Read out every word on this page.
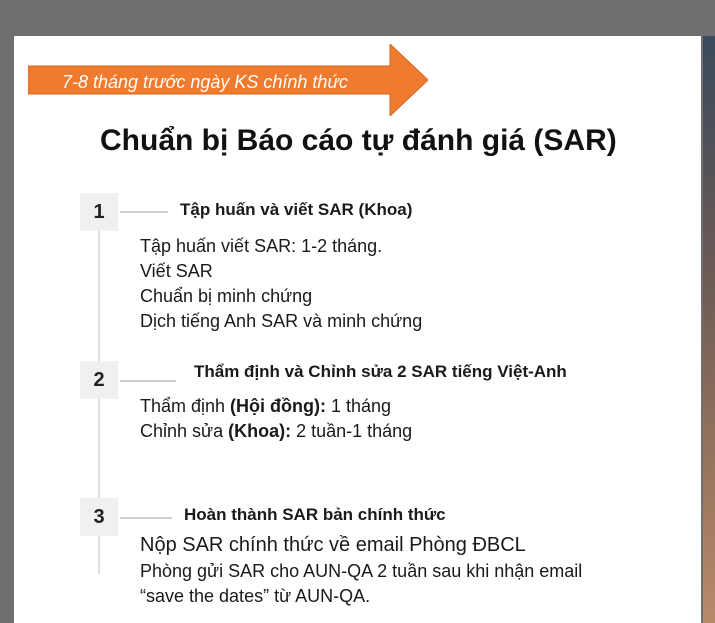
7-8 tháng trước ngày KS chính thức
Chuẩn bị Báo cáo tự đánh giá (SAR)
1	Tập huấn và viết SAR (Khoa)
Tập huấn viết SAR: 1-2 tháng.
Viết SAR
Chuẩn bị minh chứng
Dịch tiếng Anh SAR và minh chứng
2	Thẩm định và Chỉnh sửa 2 SAR tiếng Việt-Anh
Thẩm định (Hội đồng): 1 tháng
Chỉnh sửa (Khoa): 2 tuần-1 tháng
3	Hoàn thành SAR bản chính thức
Nộp SAR chính thức về email Phòng ĐBCL
Phòng gửi SAR cho AUN-QA 2 tuần sau khi nhận email
“save the dates” từ AUN-QA.
